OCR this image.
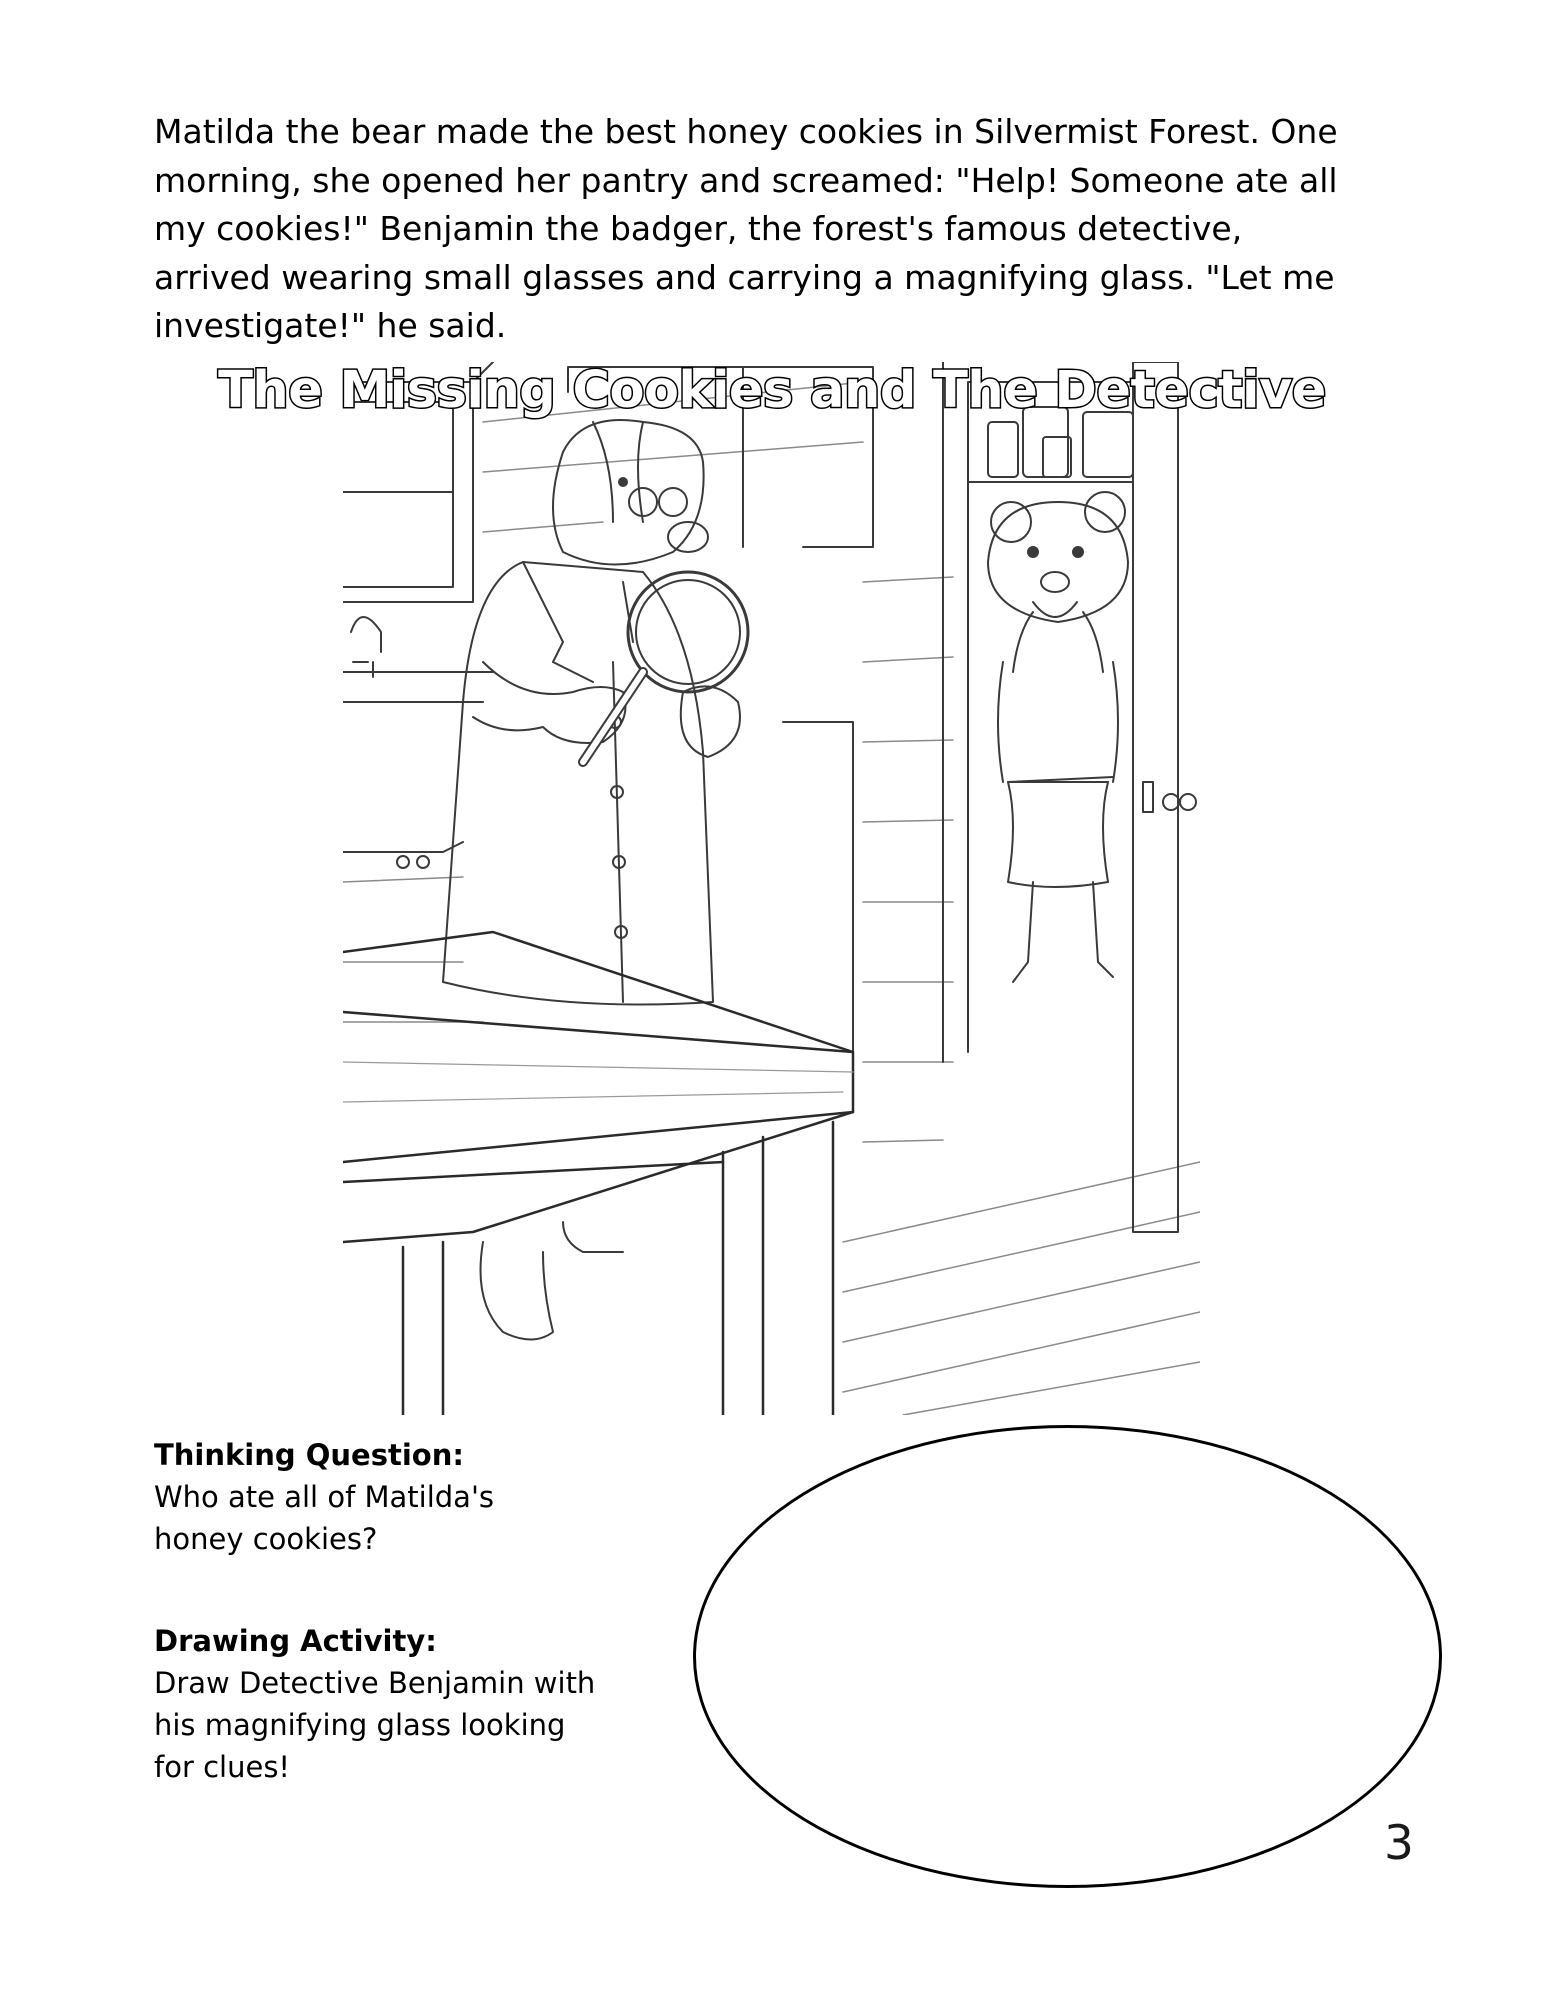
Matilda the bear made the best honey cookies in Silvermist Forest. One
morning, she opened her pantry and screamed: "Help! Someone ate all
my cookies!" Benjamin the badger, the forest's famous detective,
arrived wearing small glasses and carrying a magnifying glass. "Let me
investigate!" he said.

The Missing Cookies and The Detective
Thinking Question:
Who ate all of Matilda's
honey cookies?
Drawing Activity:
Draw Detective Benjamin with
his magnifying glass looking
for clues!
3
